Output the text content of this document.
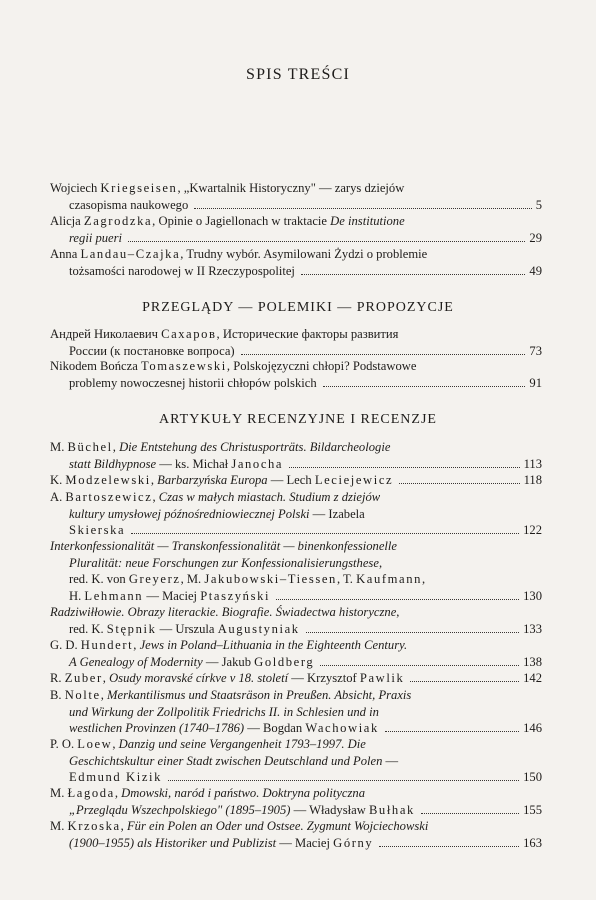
SPIS TREŚCI
Wojciech Kriegseisen, „Kwartalnik Historyczny" — zarys dziejów
czasopisma naukowego	5
Alicja Zagrodzka, Opinie o Jagiellonach w traktacie De institutione
regii pueri	29
Anna Landau–Czajka, Trudny wybór. Asymilowani Żydzi o problemie
tożsamości narodowej w II Rzeczypospolitej	49
PRZEGLĄDY — POLEMIKI — PROPOZYCJE
Андрей Николаевич Сахаров, Исторические факторы развития
России (к постановке вопроса)	73
Nikodem Bończa Tomaszewski, Polskojęzyczni chłopi? Podstawowe
problemy nowoczesnej historii chłopów polskich	91
ARTYKUŁY RECENZYJNE I RECENZJE
M. Büchel, Die Entstehung des Christusporträts. Bildarcheologie
statt Bildhypnose — ks. Michał Janocha	113
K. Modzelewski, Barbarzyńska Europa — Lech Leciejewicz	118
A. Bartoszewicz, Czas w małych miastach. Studium z dziejów
kultury umysłowej późnośredniowiecznej Polski — Izabela
Skierska	122
Interkonfessionalität — Transkonfessionalität — binenkonfessionelle
Pluralität: neue Forschungen zur Konfessionalisierungsthese,
red. K. von Greyerz, M. Jakubowski–Tiessen, T. Kaufmann,
H. Lehmann — Maciej Ptaszyński	130
Radziwiłłowie. Obrazy literackie. Biografie. Świadectwa historyczne,
red. K. Stępnik — Urszula Augustyniak	133
G. D. Hundert, Jews in Poland–Lithuania in the Eighteenth Century.
A Genealogy of Modernity — Jakub Goldberg	138
R. Zuber, Osudy moravské církve v 18. století — Krzysztof Pawlik	142
B. Nolte, Merkantilismus und Staatsräson in Preußen. Absicht, Praxis
und Wirkung der Zollpolitik Friedrichs II. in Schlesien und in
westlichen Provinzen (1740–1786) — Bogdan Wachowiak	146
P. O. Loew, Danzig und seine Vergangenheit 1793–1997. Die
Geschichtskultur einer Stadt zwischen Deutschland und Polen —
Edmund Kizik	150
M. Łagoda, Dmowski, naród i państwo. Doktryna polityczna
„Przeglądu Wszechpolskiego" (1895–1905) — Władysław Bułhak	155
M. Krzoska, Für ein Polen an Oder und Ostsee. Zygmunt Wojciechowski
(1900–1955) als Historiker und Publizist — Maciej Górny	163
